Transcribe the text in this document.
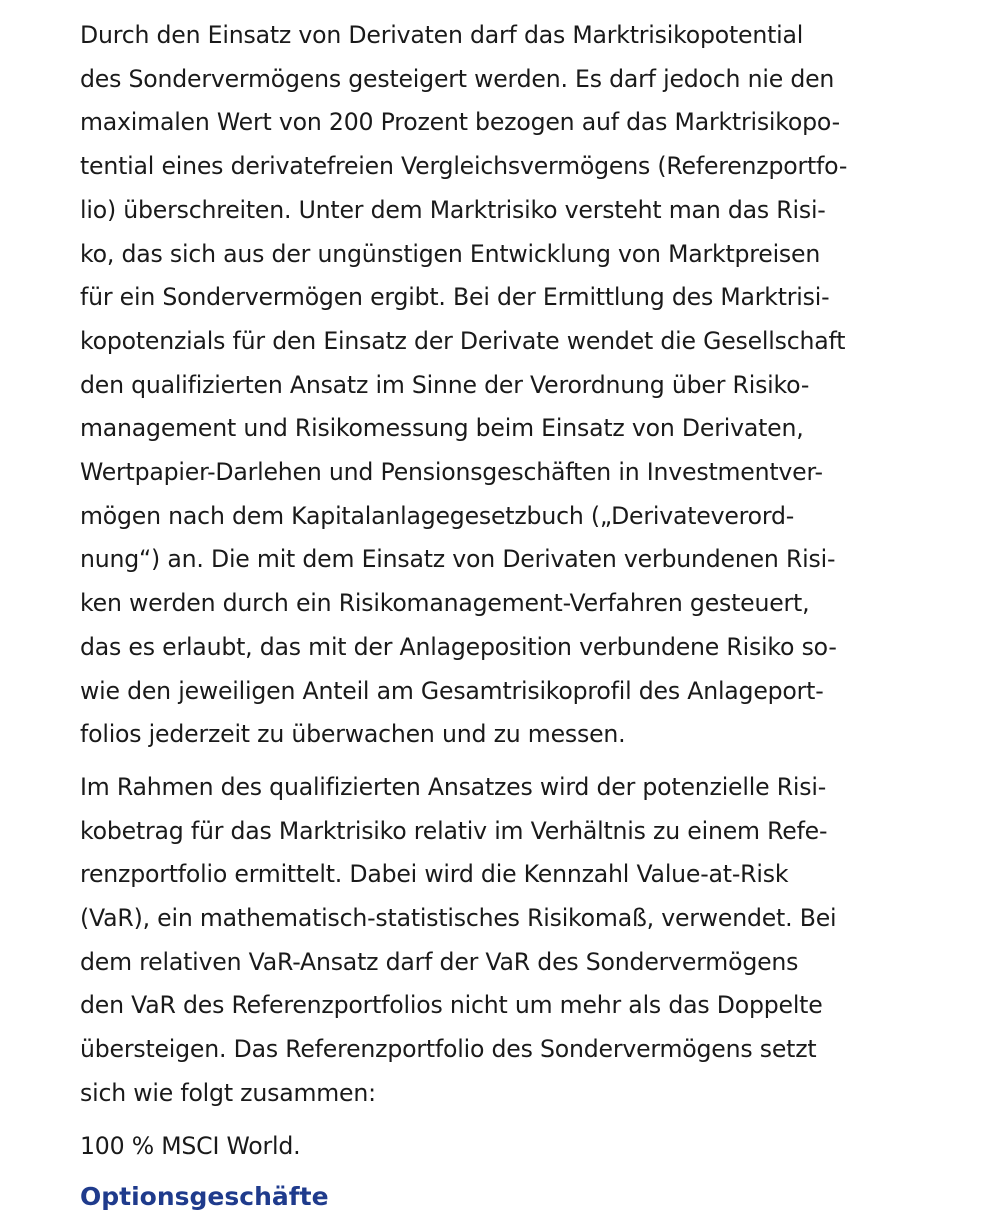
Durch den Einsatz von Derivaten darf das Marktrisikopotential
des Sondervermögens gesteigert werden. Es darf jedoch nie den
maximalen Wert von 200 Prozent bezogen auf das Marktrisikopo-
tential eines derivatefreien Vergleichsvermögens (Referenzportfo-
lio) überschreiten. Unter dem Marktrisiko versteht man das Risi-
ko, das sich aus der ungünstigen Entwicklung von Marktpreisen
für ein Sondervermögen ergibt. Bei der Ermittlung des Marktrisi-
kopotenzials für den Einsatz der Derivate wendet die Gesellschaft
den qualifizierten Ansatz im Sinne der Verordnung über Risiko-
management und Risikomessung beim Einsatz von Derivaten,
Wertpapier-Darlehen und Pensionsgeschäften in Investmentver-
mögen nach dem Kapitalanlagegesetzbuch („Derivateverord-
nung“) an. Die mit dem Einsatz von Derivaten verbundenen Risi-
ken werden durch ein Risikomanagement-Verfahren gesteuert,
das es erlaubt, das mit der Anlageposition verbundene Risiko so-
wie den jeweiligen Anteil am Gesamtrisikoprofil des Anlageport-
folios jederzeit zu überwachen und zu messen.

Im Rahmen des qualifizierten Ansatzes wird der potenzielle Risi-
kobetrag für das Marktrisiko relativ im Verhältnis zu einem Refe-
renzportfolio ermittelt. Dabei wird die Kennzahl Value-at-Risk
(VaR), ein mathematisch-statistisches Risikomaß, verwendet. Bei
dem relativen VaR-Ansatz darf der VaR des Sondervermögens
den VaR des Referenzportfolios nicht um mehr als das Doppelte
übersteigen. Das Referenzportfolio des Sondervermögens setzt
sich wie folgt zusammen:

100 % MSCI World.

Optionsgeschäfte
